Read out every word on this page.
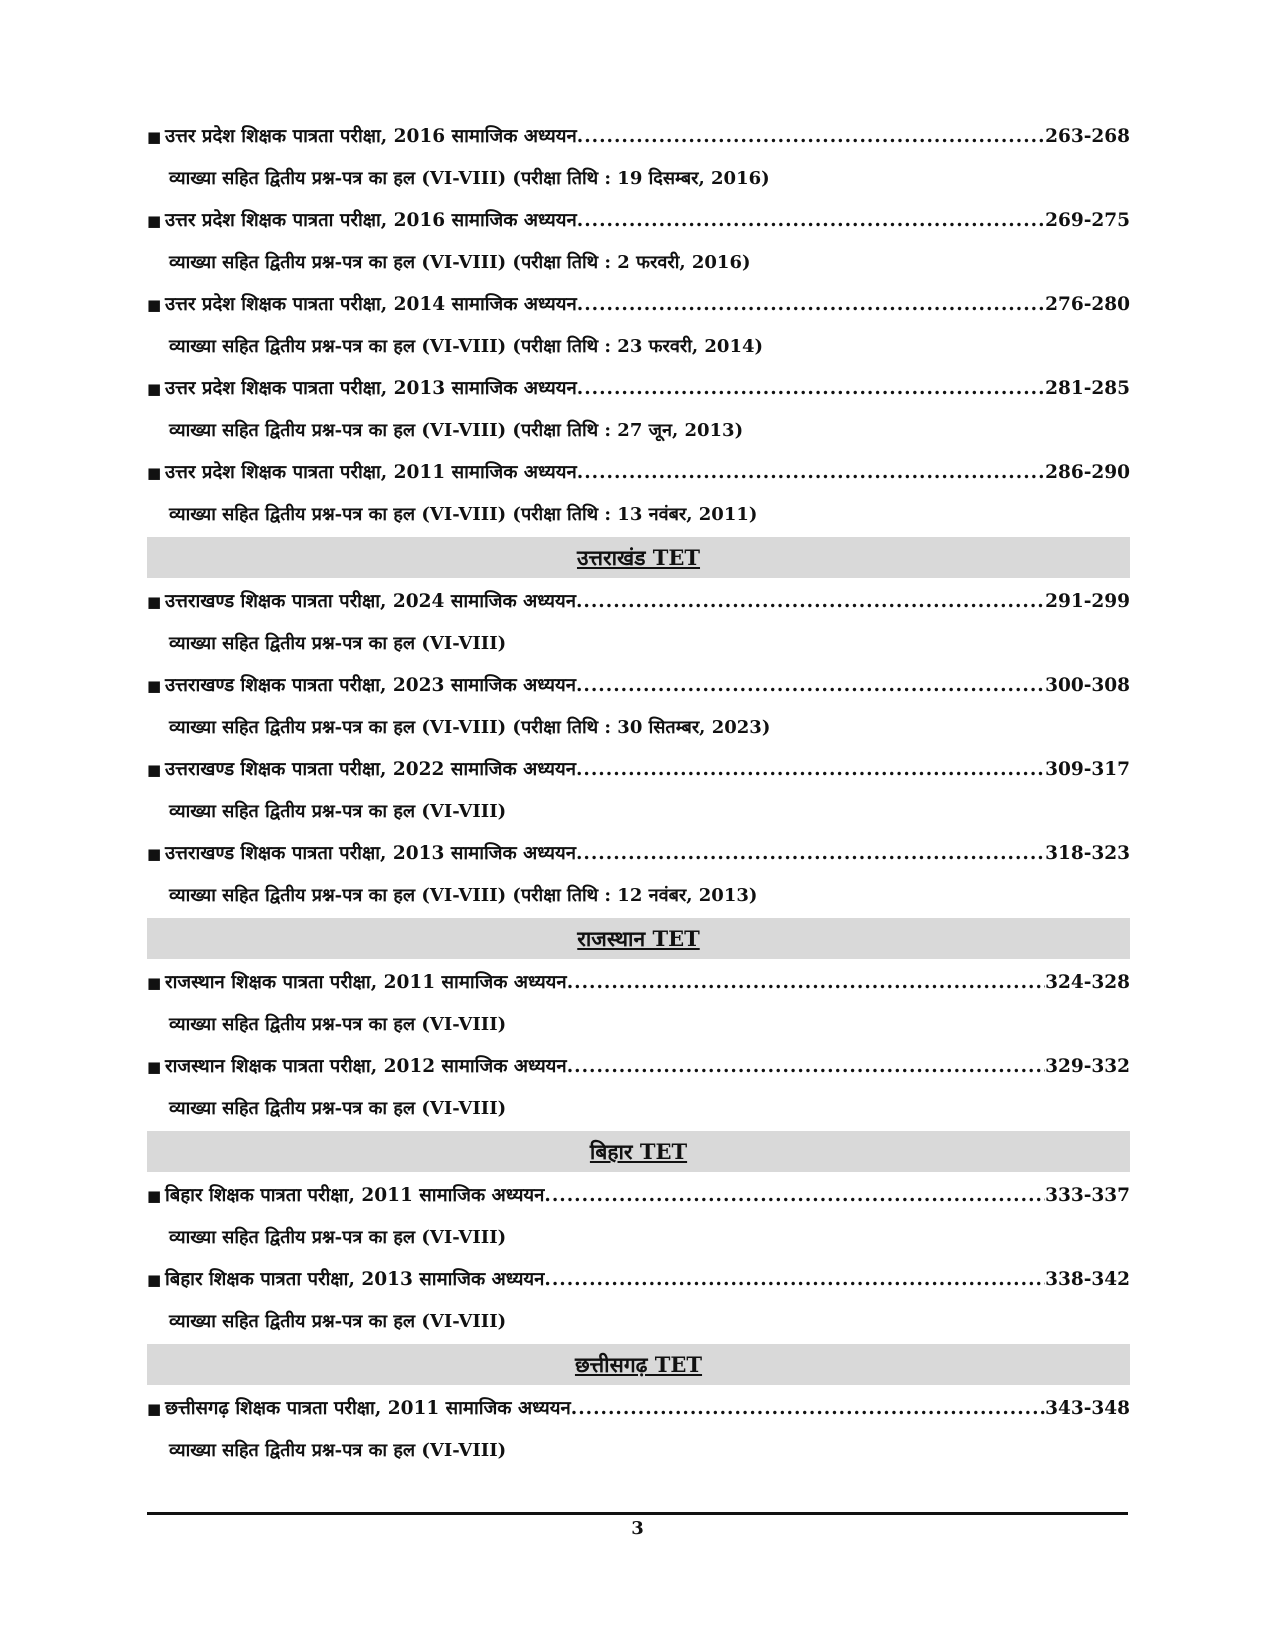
■ उत्तर प्रदेश शिक्षक पात्रता परीक्षा, 2016 सामाजिक अध्ययन .....	263-268
व्याख्या सहित द्वितीय प्रश्न-पत्र का हल (VI-VIII) (परीक्षा तिथि : 19 दिसम्बर, 2016)
■ उत्तर प्रदेश शिक्षक पात्रता परीक्षा, 2016 सामाजिक अध्ययन .....	269-275
व्याख्या सहित द्वितीय प्रश्न-पत्र का हल (VI-VIII) (परीक्षा तिथि : 2 फरवरी, 2016)
■ उत्तर प्रदेश शिक्षक पात्रता परीक्षा, 2014 सामाजिक अध्ययन .....	276-280
व्याख्या सहित द्वितीय प्रश्न-पत्र का हल (VI-VIII) (परीक्षा तिथि : 23 फरवरी, 2014)
■ उत्तर प्रदेश शिक्षक पात्रता परीक्षा, 2013 सामाजिक अध्ययन .....	281-285
व्याख्या सहित द्वितीय प्रश्न-पत्र का हल (VI-VIII) (परीक्षा तिथि : 27 जून, 2013)
■ उत्तर प्रदेश शिक्षक पात्रता परीक्षा, 2011 सामाजिक अध्ययन .....	286-290
व्याख्या सहित द्वितीय प्रश्न-पत्र का हल (VI-VIII) (परीक्षा तिथि : 13 नवंबर, 2011)
उत्तराखंड TET
■ उत्तराखण्ड शिक्षक पात्रता परीक्षा, 2024 सामाजिक अध्ययन .....	291-299
व्याख्या सहित द्वितीय प्रश्न-पत्र का हल (VI-VIII)
■ उत्तराखण्ड शिक्षक पात्रता परीक्षा, 2023 सामाजिक अध्ययन .....	300-308
व्याख्या सहित द्वितीय प्रश्न-पत्र का हल (VI-VIII) (परीक्षा तिथि : 30 सितम्बर, 2023)
■ उत्तराखण्ड शिक्षक पात्रता परीक्षा, 2022 सामाजिक अध्ययन .....	309-317
व्याख्या सहित द्वितीय प्रश्न-पत्र का हल (VI-VIII)
■ उत्तराखण्ड शिक्षक पात्रता परीक्षा, 2013 सामाजिक अध्ययन .....	318-323
व्याख्या सहित द्वितीय प्रश्न-पत्र का हल (VI-VIII) (परीक्षा तिथि : 12 नवंबर, 2013)
राजस्थान TET
■ राजस्थान शिक्षक पात्रता परीक्षा, 2011 सामाजिक अध्ययन .....	324-328
व्याख्या सहित द्वितीय प्रश्न-पत्र का हल (VI-VIII)
■ राजस्थान शिक्षक पात्रता परीक्षा, 2012 सामाजिक अध्ययन .....	329-332
व्याख्या सहित द्वितीय प्रश्न-पत्र का हल (VI-VIII)
बिहार TET
■ बिहार शिक्षक पात्रता परीक्षा, 2011 सामाजिक अध्ययन .....	333-337
व्याख्या सहित द्वितीय प्रश्न-पत्र का हल (VI-VIII)
■ बिहार शिक्षक पात्रता परीक्षा, 2013 सामाजिक अध्ययन .....	338-342
व्याख्या सहित द्वितीय प्रश्न-पत्र का हल (VI-VIII)
छत्तीसगढ़ TET
■ छत्तीसगढ़ शिक्षक पात्रता परीक्षा, 2011 सामाजिक अध्ययन .....	343-348
व्याख्या सहित द्वितीय प्रश्न-पत्र का हल (VI-VIII)
3
